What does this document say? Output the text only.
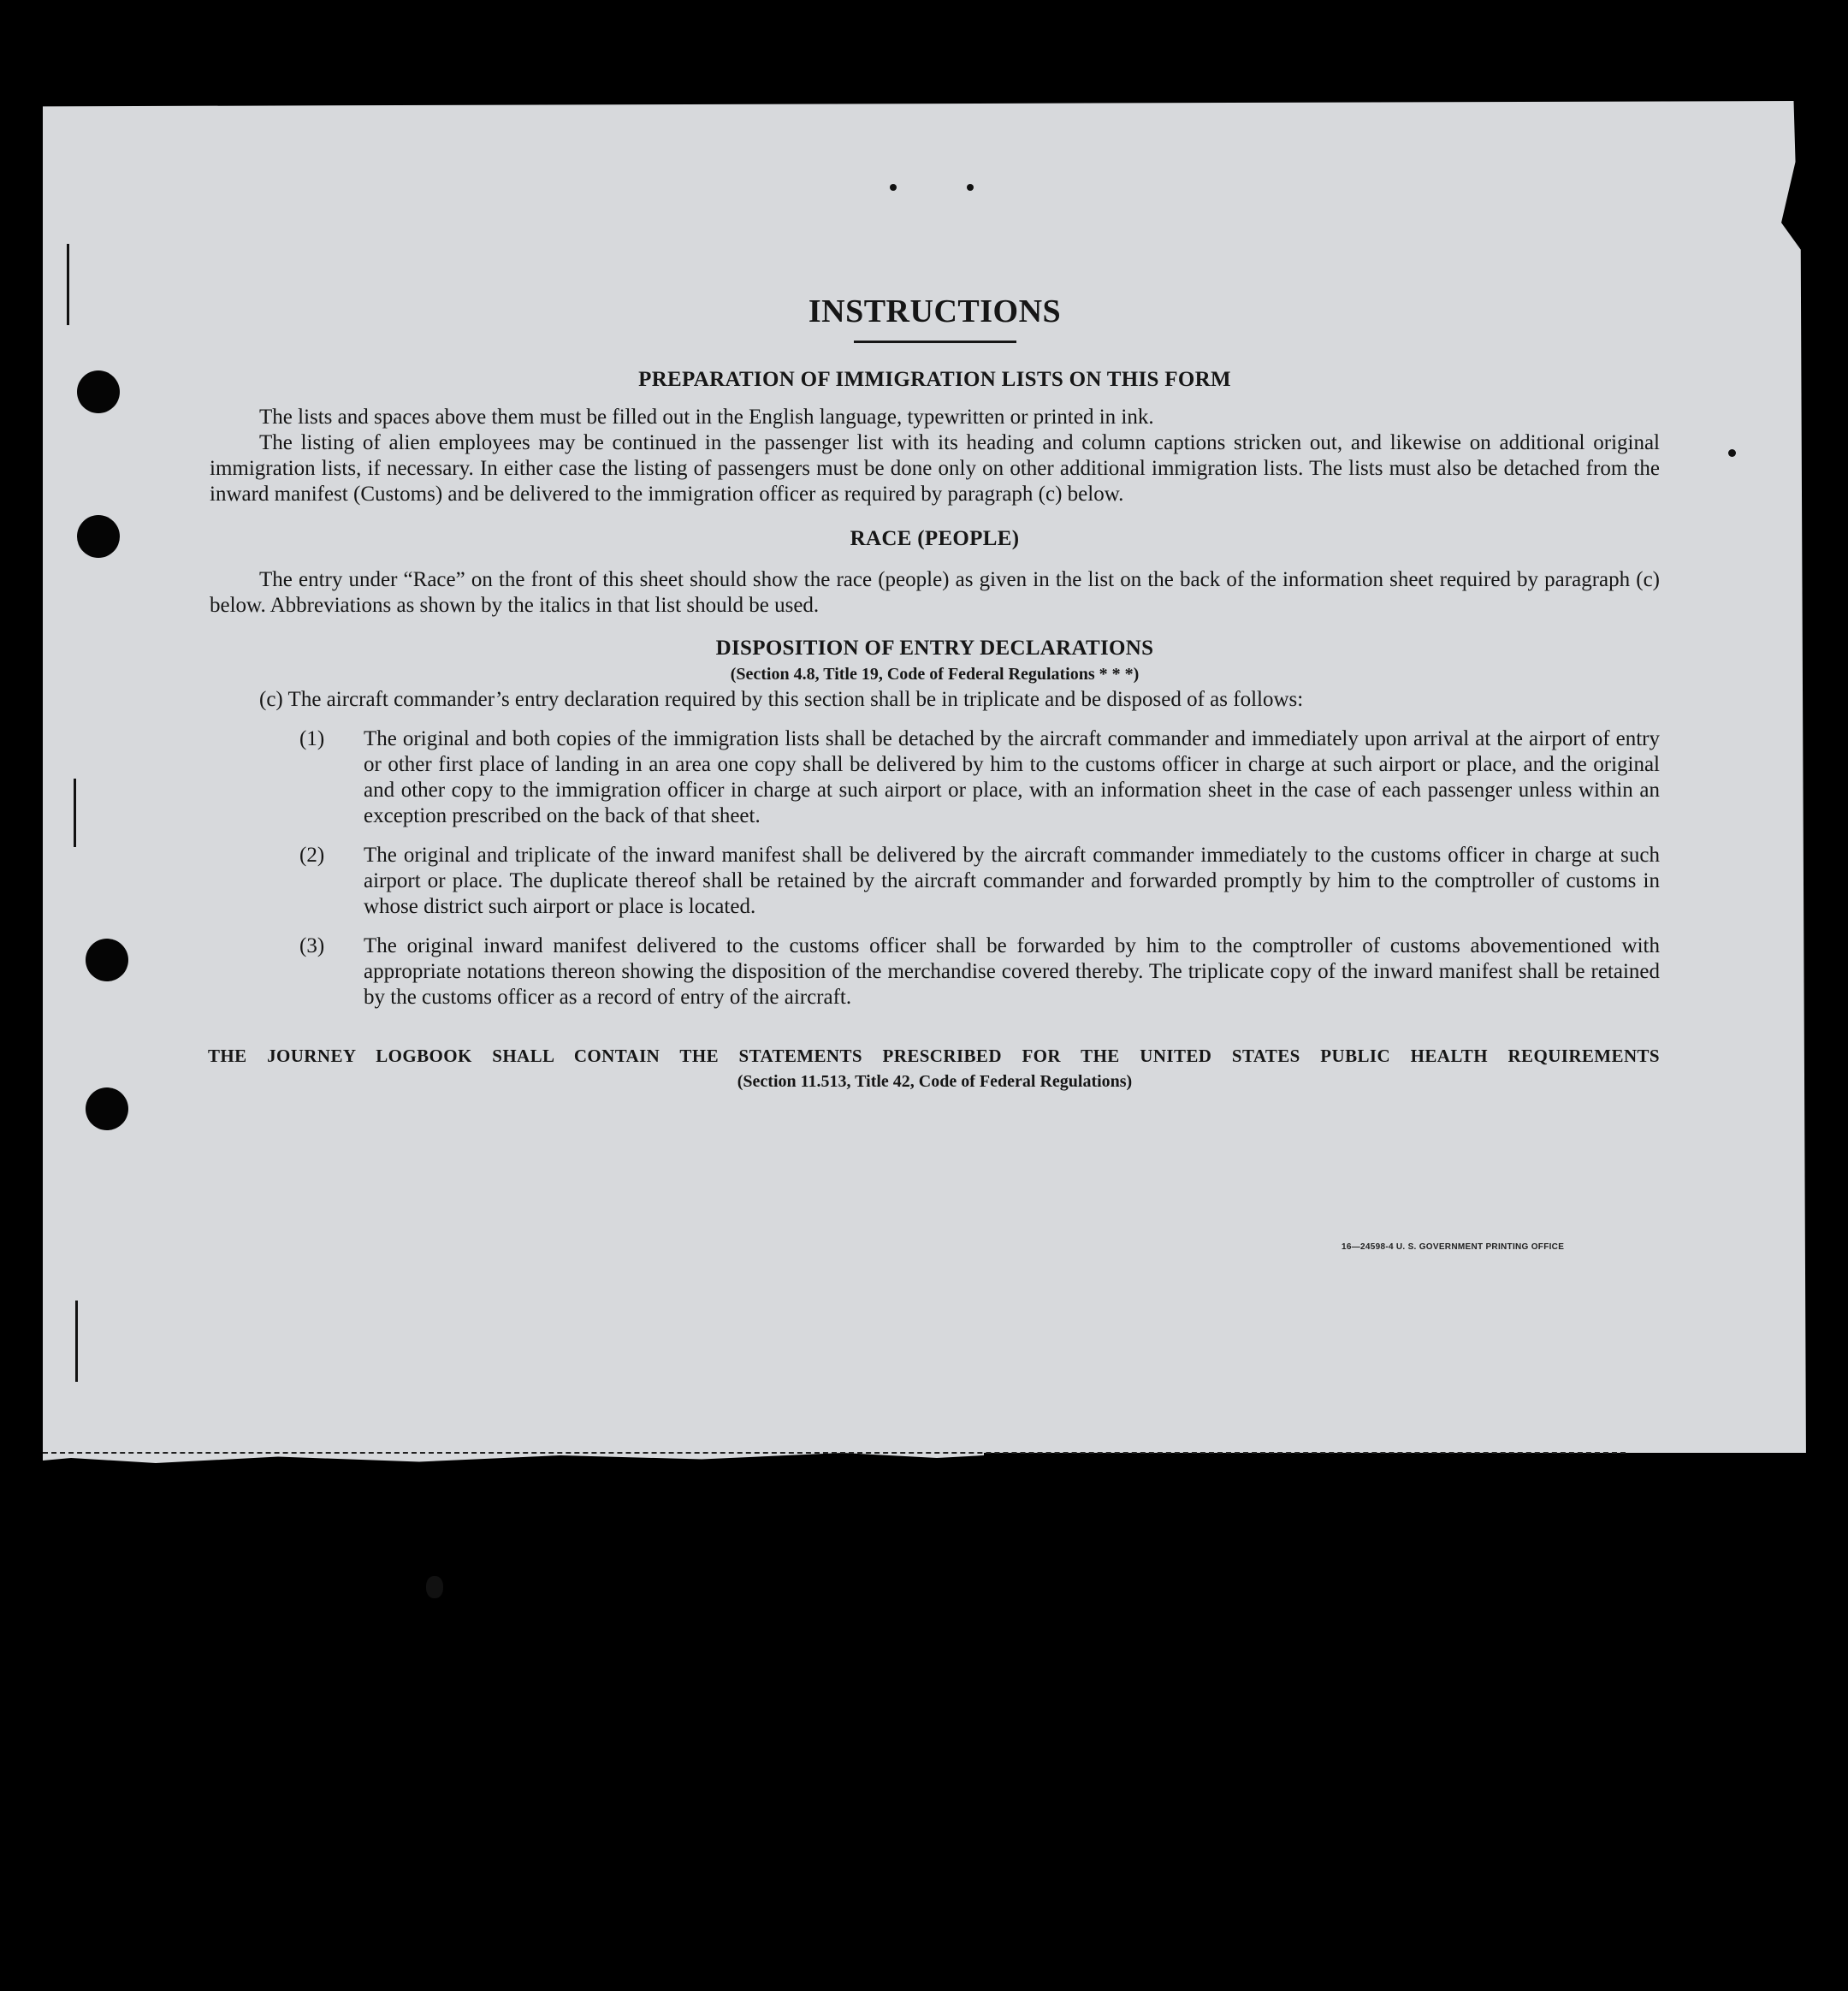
INSTRUCTIONS

PREPARATION OF IMMIGRATION LISTS ON THIS FORM

The lists and spaces above them must be filled out in the English language, typewritten or printed in ink.

The listing of alien employees may be continued in the passenger list with its heading and column captions stricken out, and likewise on additional original immigration lists, if necessary. In either case the listing of passengers must be done only on other additional immigration lists. The lists must also be detached from the inward manifest (Customs) and be delivered to the immigration officer as required by paragraph (c) below.

RACE (PEOPLE)

The entry under “Race” on the front of this sheet should show the race (people) as given in the list on the back of the information sheet required by paragraph (c) below. Abbreviations as shown by the italics in that list should be used.

DISPOSITION OF ENTRY DECLARATIONS

(Section 4.8, Title 19, Code of Federal Regulations * * *)

(c) The aircraft commander’s entry declaration required by this section shall be in triplicate and be disposed of as follows:

(1) The original and both copies of the immigration lists shall be detached by the aircraft commander and immediately upon arrival at the airport of entry or other first place of landing in an area one copy shall be delivered by him to the customs officer in charge at such airport or place, and the original and other copy to the immigration officer in charge at such airport or place, with an information sheet in the case of each passenger unless within an exception prescribed on the back of that sheet.
(2) The original and triplicate of the inward manifest shall be delivered by the aircraft commander immediately to the customs officer in charge at such airport or place. The duplicate thereof shall be retained by the aircraft commander and forwarded promptly by him to the comptroller of customs in whose district such airport or place is located.
(3) The original inward manifest delivered to the customs officer shall be forwarded by him to the comptroller of customs abovementioned with appropriate notations thereon showing the disposition of the merchandise covered thereby. The triplicate copy of the inward manifest shall be retained by the customs officer as a record of entry of the aircraft.

THE JOURNEY LOGBOOK SHALL CONTAIN THE STATEMENTS PRESCRIBED FOR THE UNITED STATES PUBLIC HEALTH REQUIREMENTS

(Section 11.513, Title 42, Code of Federal Regulations)

16—24598-4 U. S. GOVERNMENT PRINTING OFFICE
